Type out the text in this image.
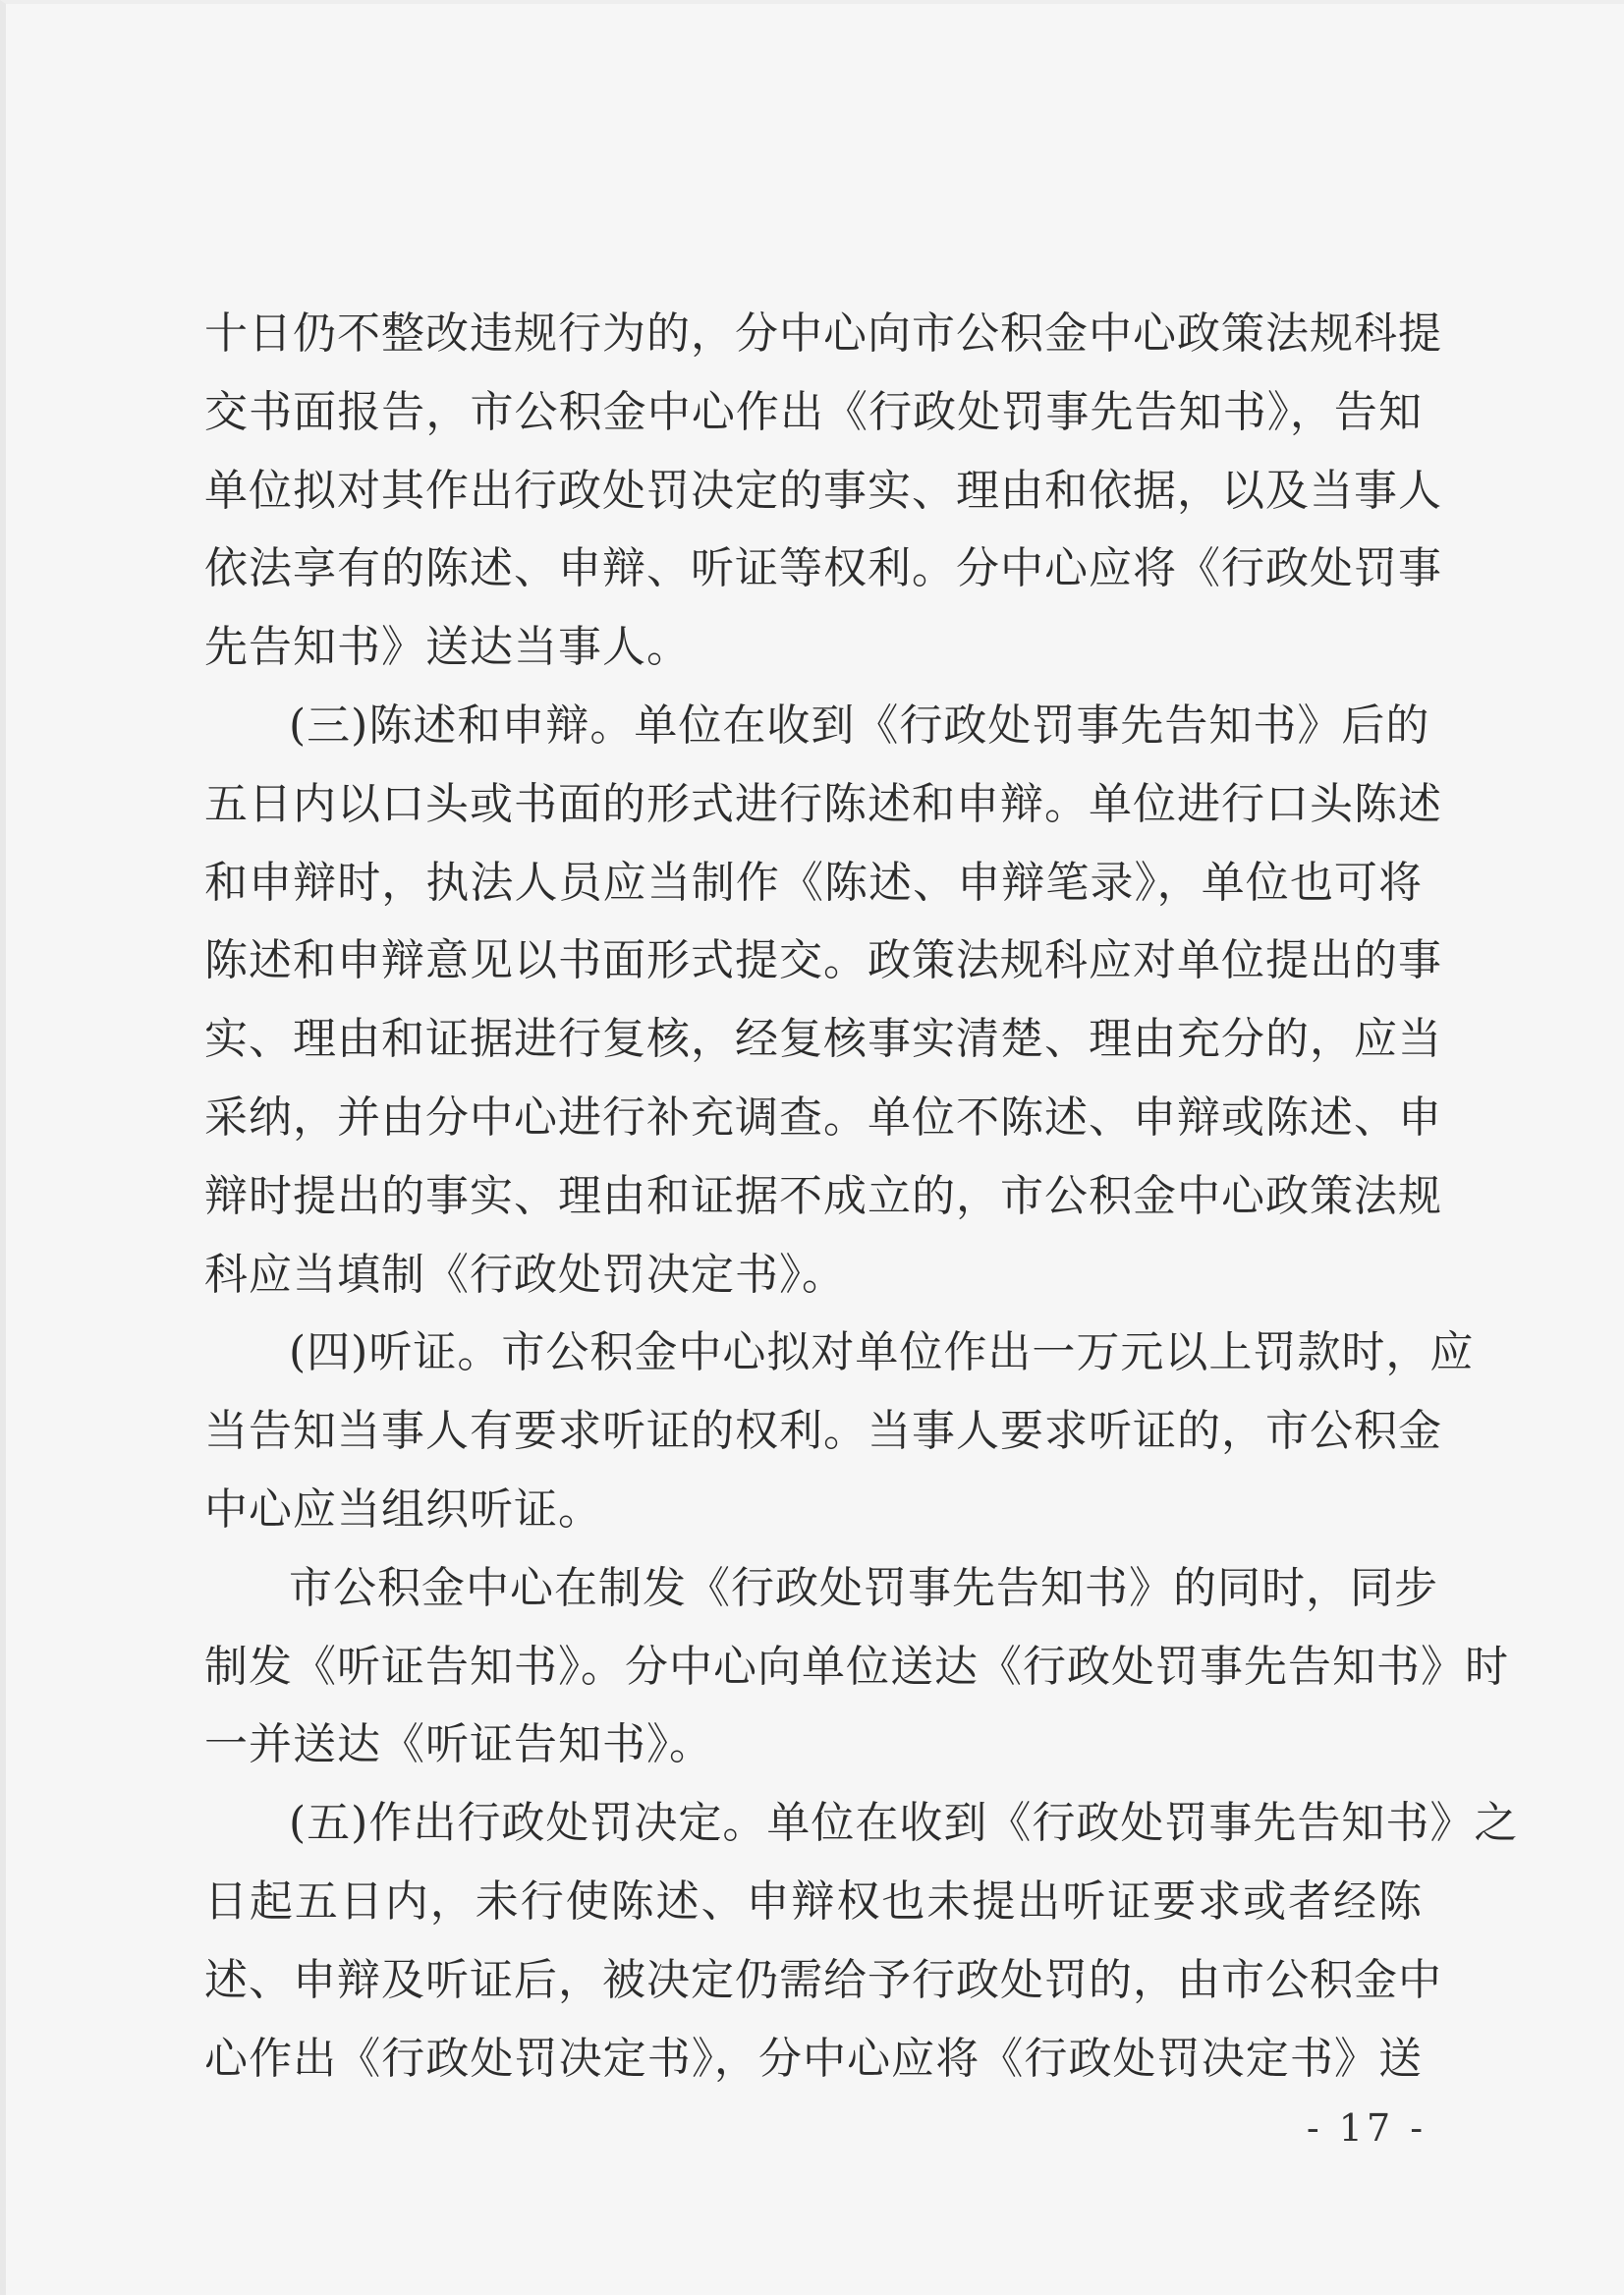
十日仍不整改违规行为的，分中心向市公积金中心政策法规科提
交书面报告，市公积金中心作出《行政处罚事先告知书》，告知
单位拟对其作出行政处罚决定的事实、理由和依据，以及当事人
依法享有的陈述、申辩、听证等权利。分中心应将《行政处罚事
先告知书》送达当事人。
(三)陈述和申辩。单位在收到《行政处罚事先告知书》后的
五日内以口头或书面的形式进行陈述和申辩。单位进行口头陈述
和申辩时，执法人员应当制作《陈述、申辩笔录》，单位也可将
陈述和申辩意见以书面形式提交。政策法规科应对单位提出的事
实、理由和证据进行复核，经复核事实清楚、理由充分的，应当
采纳，并由分中心进行补充调查。单位不陈述、申辩或陈述、申
辩时提出的事实、理由和证据不成立的，市公积金中心政策法规
科应当填制《行政处罚决定书》。
(四)听证。市公积金中心拟对单位作出一万元以上罚款时，应
当告知当事人有要求听证的权利。当事人要求听证的，市公积金
中心应当组织听证。
市公积金中心在制发《行政处罚事先告知书》的同时，同步
制发《听证告知书》。分中心向单位送达《行政处罚事先告知书》时
一并送达《听证告知书》。
(五)作出行政处罚决定。单位在收到《行政处罚事先告知书》之
日起五日内，未行使陈述、申辩权也未提出听证要求或者经陈
述、申辩及听证后，被决定仍需给予行政处罚的，由市公积金中
心作出《行政处罚决定书》，分中心应将《行政处罚决定书》送
- 17 -
